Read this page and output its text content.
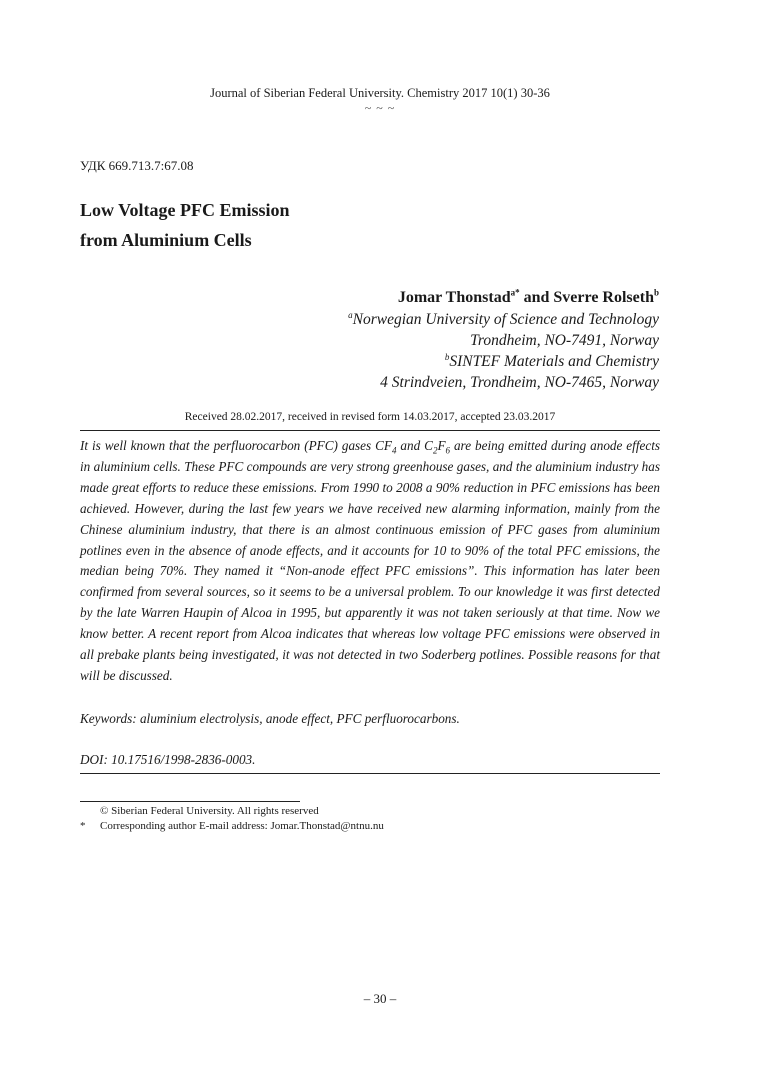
Journal of Siberian Federal University. Chemistry 2017 10(1) 30-36
~ ~ ~
УДК 669.713.7:67.08
Low Voltage PFC Emission
from Aluminium Cells
Jomar Thonstad$^{a*}$ and Sverre Rolseth$^b$
$^a$Norwegian University of Science and Technology
Trondheim, NO-7491, Norway
$^b$SINTEF Materials and Chemistry
4 Strindveien, Trondheim, NO-7465, Norway
Received 28.02.2017, received in revised form 14.03.2017, accepted 23.03.2017
It is well known that the perfluorocarbon (PFC) gases $CF_4$ and $C_2F_6$ are being emitted during anode effects in aluminium cells. These PFC compounds are very strong greenhouse gases, and the aluminium industry has made great efforts to reduce these emissions. From 1990 to 2008 a 90% reduction in PFC emissions has been achieved. However, during the last few years we have received new alarming information, mainly from the Chinese aluminium industry, that there is an almost continuous emission of PFC gases from aluminium potlines even in the absence of anode effects, and it accounts for 10 to 90% of the total PFC emissions, the median being 70%. They named it “Non-anode effect PFC emissions”. This information has later been confirmed from several sources, so it seems to be a universal problem. To our knowledge it was first detected by the late Warren Haupin of Alcoa in 1995, but apparently it was not taken seriously at that time. Now we know better. A recent report from Alcoa indicates that whereas low voltage PFC emissions were observed in all prebake plants being investigated, it was not detected in two Soderberg potlines. Possible reasons for that will be discussed.
Keywords: aluminium electrolysis, anode effect, PFC perfluorocarbons.
DOI: 10.17516/1998-2836-0003.
© Siberian Federal University. All rights reserved
* Corresponding author E-mail address: Jomar.Thonstad@ntnu.nu
– 30 –
